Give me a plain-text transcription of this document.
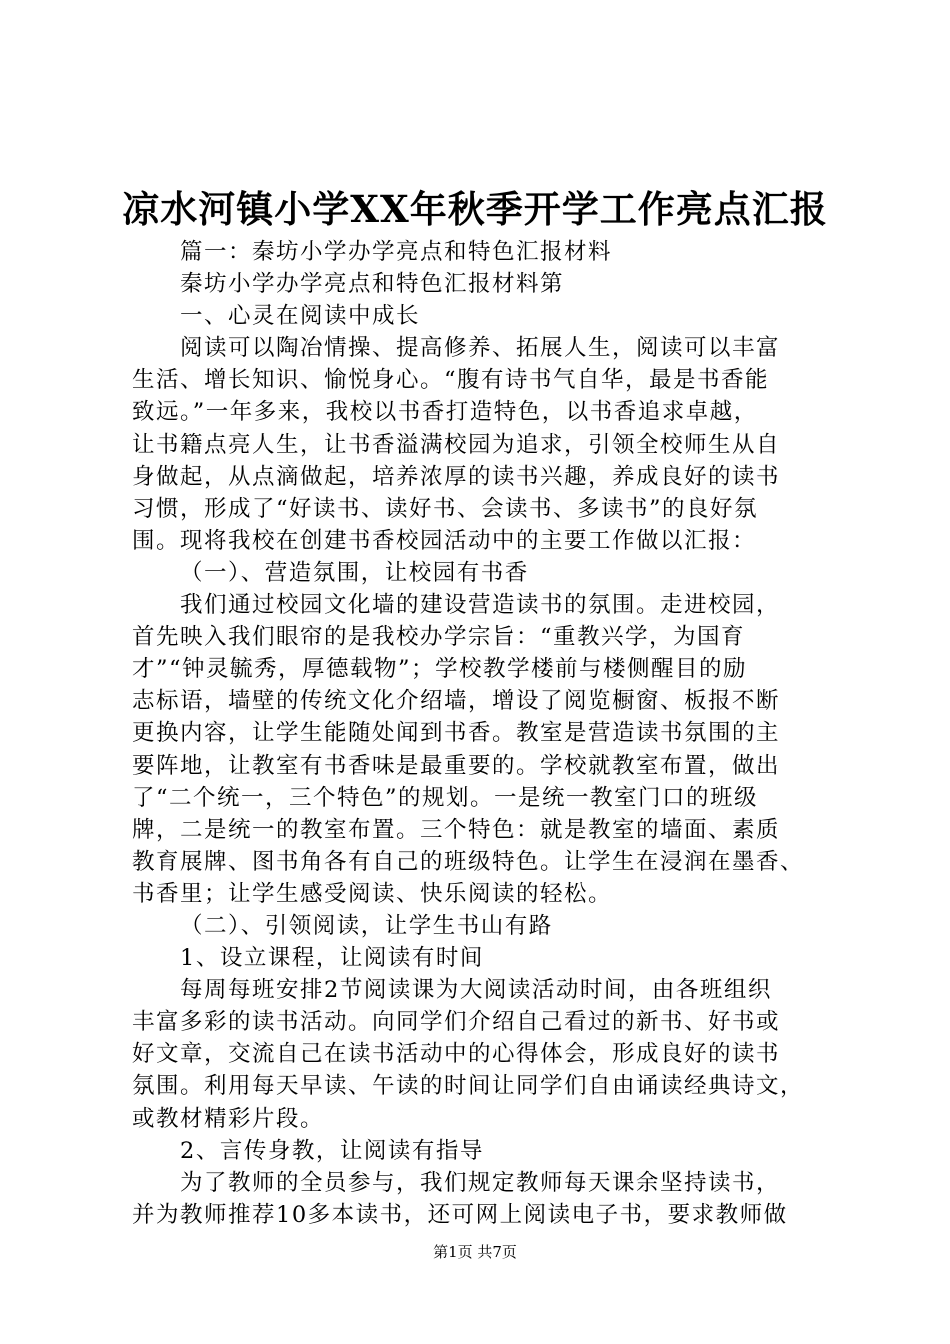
凉水河镇小学XX年秋季开学工作亮点汇报
篇一：秦坊小学办学亮点和特色汇报材料
秦坊小学办学亮点和特色汇报材料第
一、心灵在阅读中成长
阅读可以陶冶情操、提高修养、拓展人生，阅读可以丰富
生活、增长知识、愉悦身心。“腹有诗书气自华，最是书香能
致远。”一年多来，我校以书香打造特色，以书香追求卓越，
让书籍点亮人生，让书香溢满校园为追求，引领全校师生从自
身做起，从点滴做起，培养浓厚的读书兴趣，养成良好的读书
习惯，形成了“好读书、读好书、会读书、多读书”的良好氛
围。现将我校在创建书香校园活动中的主要工作做以汇报：
（一）、营造氛围，让校园有书香
我们通过校园文化墙的建设营造读书的氛围。走进校园，
首先映入我们眼帘的是我校办学宗旨：“重教兴学，为国育
才”“钟灵毓秀，厚德载物”；学校教学楼前与楼侧醒目的励
志标语，墙壁的传统文化介绍墙，增设了阅览橱窗、板报不断
更换内容，让学生能随处闻到书香。教室是营造读书氛围的主
要阵地，让教室有书香味是最重要的。学校就教室布置，做出
了“二个统一，三个特色”的规划。一是统一教室门口的班级
牌，二是统一的教室布置。三个特色：就是教室的墙面、素质
教育展牌、图书角各有自己的班级特色。让学生在浸润在墨香、
书香里；让学生感受阅读、快乐阅读的轻松。
（二）、引领阅读，让学生书山有路
1、设立课程，让阅读有时间
每周每班安排2节阅读课为大阅读活动时间，由各班组织
丰富多彩的读书活动。向同学们介绍自己看过的新书、好书或
好文章，交流自己在读书活动中的心得体会，形成良好的读书
氛围。利用每天早读、午读的时间让同学们自由诵读经典诗文，
或教材精彩片段。
2、言传身教，让阅读有指导
为了教师的全员参与，我们规定教师每天课余坚持读书，
并为教师推荐10多本读书，还可网上阅读电子书，要求教师做
第1页 共7页
